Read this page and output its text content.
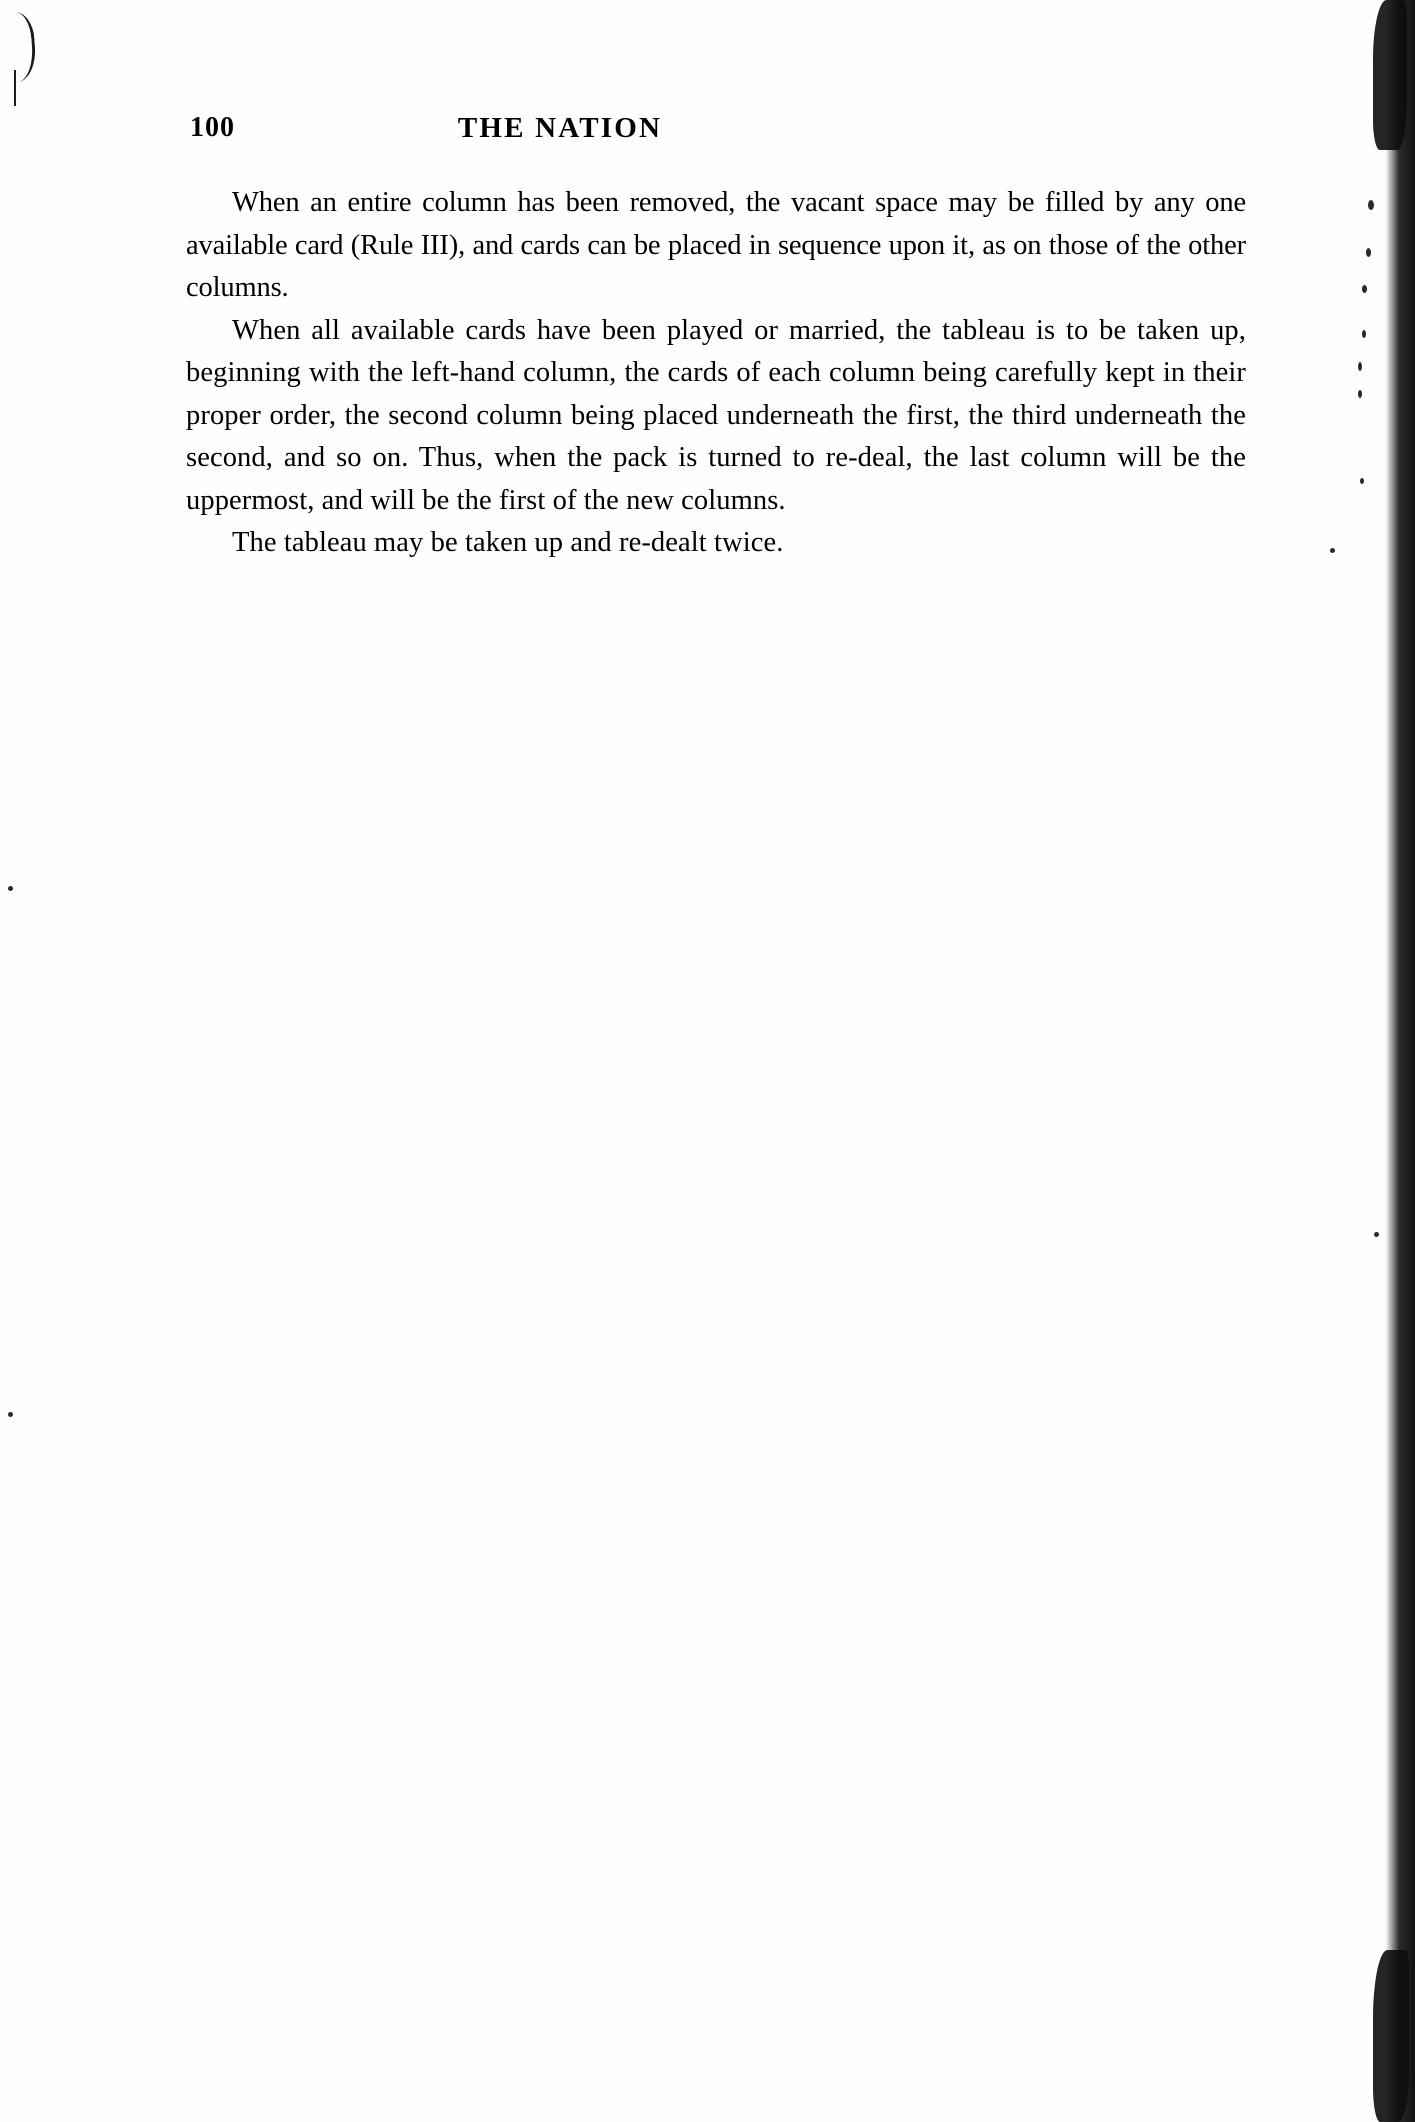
100	THE NATION

When an entire column has been removed, the vacant space may be filled by any one available card (Rule III), and cards can be placed in sequence upon it, as on those of the other columns.

When all available cards have been played or married, the tableau is to be taken up, beginning with the left-hand column, the cards of each column being carefully kept in their proper order, the second column being placed underneath the first, the third underneath the second, and so on. Thus, when the pack is turned to re-deal, the last column will be the uppermost, and will be the first of the new columns.

The tableau may be taken up and re-dealt twice.
